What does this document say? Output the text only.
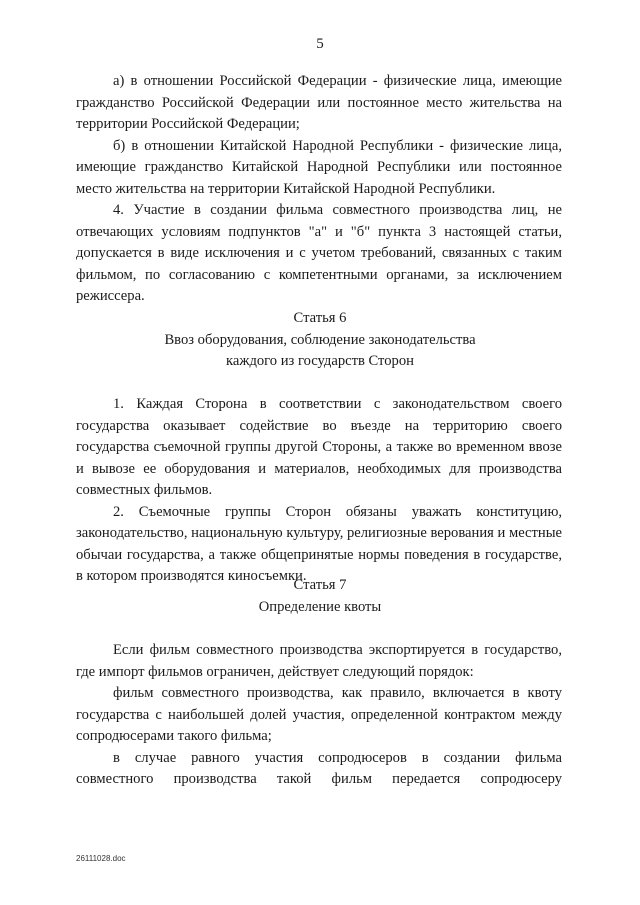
5

а) в отношении Российской Федерации - физические лица, имеющие гражданство Российской Федерации или постоянное место жительства на территории Российской Федерации;

б) в отношении Китайской Народной Республики - физические лица, имеющие гражданство Китайской Народной Республики или постоянное место жительства на территории Китайской Народной Республики.

4. Участие в создании фильма совместного производства лиц, не отвечающих условиям подпунктов "а" и "б" пункта 3 настоящей статьи, допускается в виде исключения и с учетом требований, связанных с таким фильмом, по согласованию с компетентными органами, за исключением режиссера.

Статья 6

Ввоз оборудования, соблюдение законодательства

каждого из государств Сторон

1. Каждая Сторона в соответствии с законодательством своего государства оказывает содействие во въезде на территорию своего государства съемочной группы другой Стороны, а также во временном ввозе и вывозе ее оборудования и материалов, необходимых для производства совместных фильмов.

2. Съемочные группы Сторон обязаны уважать конституцию, законодательство, национальную культуру, религиозные верования и местные обычаи государства, а также общепринятые нормы поведения в государстве, в котором производятся киносъемки.

Статья 7

Определение квоты

Если фильм совместного производства экспортируется в государство, где импорт фильмов ограничен, действует следующий порядок:

фильм совместного производства, как правило, включается в квоту государства с наибольшей долей участия, определенной контрактом между сопродюсерами такого фильма;

в случае равного участия сопродюсеров в создании фильма совместного производства такой фильм передается сопродюсеру

26111028.doc
